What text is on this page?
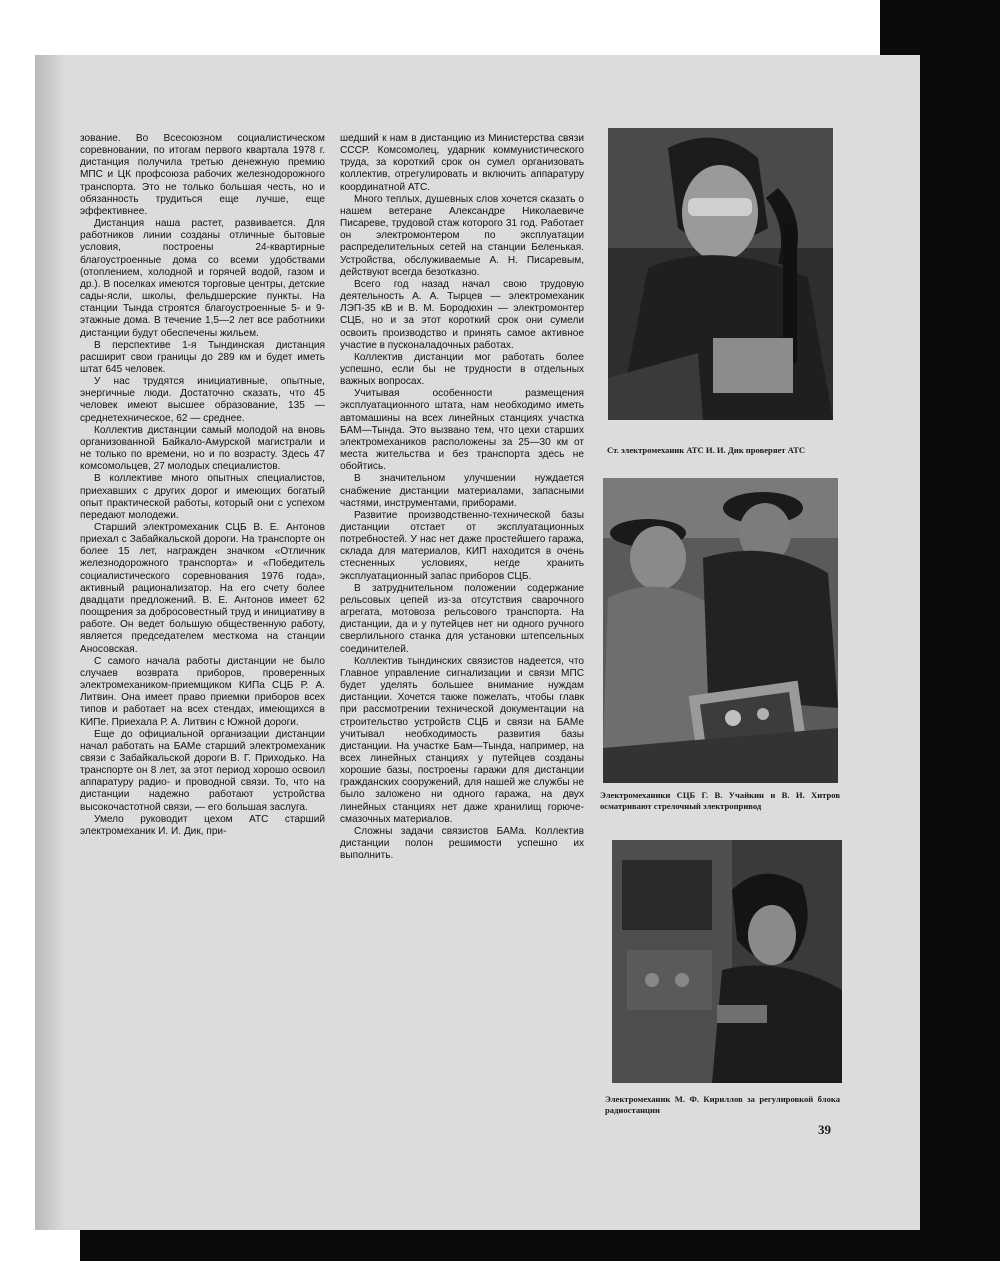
зование. Во Всесоюзном социалистическом соревновании, по итогам первого квартала 1978 г. дистанция получила третью денежную премию МПС и ЦК профсоюза рабочих железнодорожного транспорта. Это не только большая честь, но и обязанность трудиться еще лучше, еще эффективнее.

Дистанция наша растет, развивается. Для работников линии созданы отличные бытовые условия, построены 24-квартирные благоустроенные дома со всеми удобствами (отоплением, холодной и горячей водой, газом и др.). В поселках имеются торговые центры, детские сады-ясли, школы, фельдшерские пункты. На станции Тында строятся благоустроенные 5- и 9-этажные дома. В течение 1,5—2 лет все работники дистанции будут обеспечены жильем.

В перспективе 1-я Тындинская дистанция расширит свои границы до 289 км и будет иметь штат 645 человек.

У нас трудятся инициативные, опытные, энергичные люди. Достаточно сказать, что 45 человек имеют высшее образование, 135 — среднетехническое, 62 — среднее.

Коллектив дистанции самый молодой на вновь организованной Байкало-Амурской магистрали и не только по времени, но и по возрасту. Здесь 47 комсомольцев, 27 молодых специалистов.

В коллективе много опытных специалистов, приехавших с других дорог и имеющих богатый опыт практической работы, который они с успехом передают молодежи.

Старший электромеханик СЦБ В. Е. Антонов приехал с Забайкальской дороги. На транспорте он более 15 лет, награжден значком «Отличник железнодорожного транспорта» и «Победитель социалистического соревнования 1976 года», активный рационализатор. На его счету более двадцати предложений. В. Е. Антонов имеет 62 поощрения за добросовестный труд и инициативу в работе. Он ведет большую общественную работу, является председателем месткома на станции Аносовская.

С самого начала работы дистанции не было случаев возврата приборов, проверенных электромехаником-приемщиком КИПа СЦБ Р. А. Литвин. Она имеет право приемки приборов всех типов и работает на всех стендах, имеющихся в КИПе. Приехала Р. А. Литвин с Южной дороги.

Еще до официальной организации дистанции начал работать на БАМе старший электромеханик связи с Забайкальской дороги В. Г. Приходько. На транспорте он 8 лет, за этот период хорошо освоил аппаратуру радио- и проводной связи. То, что на дистанции надежно работают устройства высокочастотной связи, — его большая заслуга.

Умело руководит цехом АТС старший электромеханик И. И. Дик, при-

шедший к нам в дистанцию из Министерства связи СССР. Комсомолец, ударник коммунистического труда, за короткий срок он сумел организовать коллектив, отрегулировать и включить аппаратуру координатной АТС.

Много теплых, душевных слов хочется сказать о нашем ветеране Александре Николаевиче Писареве, трудовой стаж которого 31 год. Работает он электромонтером по эксплуатации распределительных сетей на станции Беленькая. Устройства, обслуживаемые А. Н. Писаревым, действуют всегда безотказно.

Всего год назад начал свою трудовую деятельность А. А. Тырцев — электромеханик ЛЭП-35 кВ и В. М. Бородюхин — электромонтер СЦБ, но и за этот короткий срок они сумели освоить производство и принять самое активное участие в пусконаладочных работах.

Коллектив дистанции мог работать более успешно, если бы не трудности в отдельных важных вопросах.

Учитывая особенности размещения эксплуатационного штата, нам необходимо иметь автомашины на всех линейных станциях участка БАМ—Тында. Это вызвано тем, что цехи старших электромехаников расположены за 25—30 км от места жительства и без транспорта здесь не обойтись.

В значительном улучшении нуждается снабжение дистанции материалами, запасными частями, инструментами, приборами.

Развитие производственно-технической базы дистанции отстает от эксплуатационных потребностей. У нас нет даже простейшего гаража, склада для материалов, КИП находится в очень стесненных условиях, негде хранить эксплуатационный запас приборов СЦБ.

В затруднительном положении содержание рельсовых цепей из-за отсутствия сварочного агрегата, мотовоза рельсового транспорта. На дистанции, да и у путейцев нет ни одного ручного сверлильного станка для установки штепсельных соединителей.

Коллектив тындинских связистов надеется, что Главное управление сигнализации и связи МПС будет уделять большее внимание нуждам дистанции. Хочется также пожелать, чтобы главк при рассмотрении технической документации на строительство устройств СЦБ и связи на БАМе учитывал необходимость развития базы дистанции. На участке Бам—Тында, например, на всех линейных станциях у путейцев созданы хорошие базы, построены гаражи для дистанции гражданских сооружений, для нашей же службы не было заложено ни одного гаража, на двух линейных станциях нет даже хранилищ горюче-смазочных материалов.

Сложны задачи связистов БАМа. Коллектив дистанции полон решимости успешно их выполнить.

Ст. электромеханик АТС И. И. Дик проверяет АТС
Электромеханики СЦБ Г. В. Учайкин и В. И. Хитров осматривают стрелочный электропривод
Электромеханик М. Ф. Кириллов за регулировкой блока радиостанции
39
